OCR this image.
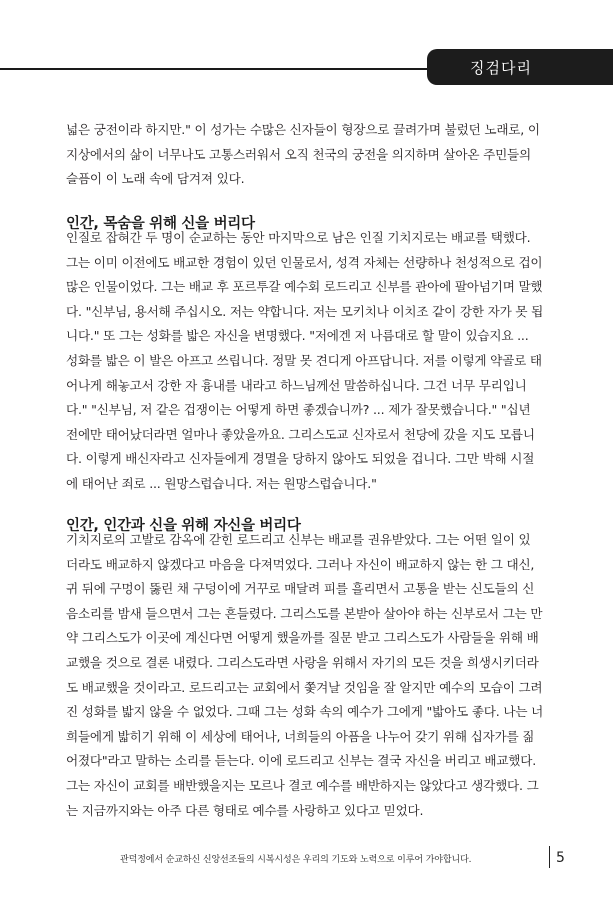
징검다리
넓은 궁전이라 하지만." 이 성가는 수많은 신자들이 형장으로 끌려가며 불렀던 노래로, 이
지상에서의 삶이 너무나도 고통스러워서 오직 천국의 궁전을 의지하며 살아온 주민들의
슬픔이 이 노래 속에 담겨져 있다.
인간, 목숨을 위해 신을 버리다
인질로 잡혀간 두 명이 순교하는 동안 마지막으로 남은 인질 기치지로는 배교를 택했다.
그는 이미 이전에도 배교한 경험이 있던 인물로서, 성격 자체는 선량하나 천성적으로 겁이
많은 인물이었다. 그는 배교 후 포르투갈 예수회 로드리고 신부를 관아에 팔아넘기며 말했
다. "신부님, 용서해 주십시오. 저는 약합니다. 저는 모키치나 이치조 같이 강한 자가 못 됩
니다." 또 그는 성화를 밟은 자신을 변명했다. "저에겐 저 나름대로 할 말이 있습지요 ...
성화를 밟은 이 발은 아프고 쓰립니다. 정말 못 견디게 아프답니다. 저를 이렇게 약골로 태
어나게 해놓고서 강한 자 흉내를 내라고 하느님께선 말씀하십니다. 그건 너무 무리입니
다." "신부님, 저 같은 겁쟁이는 어떻게 하면 좋겠습니까? ... 제가 잘못했습니다." "십년
전에만 태어났더라면 얼마나 좋았을까요. 그리스도교 신자로서 천당에 갔을 지도 모릅니
다. 이렇게 배신자라고 신자들에게 경멸을 당하지 않아도 되었을 겁니다. 그만 박해 시절
에 태어난 죄로 ... 원망스럽습니다. 저는 원망스럽습니다."
인간, 인간과 신을 위해 자신을 버리다
기치지로의 고발로 감옥에 갇힌 로드리고 신부는 배교를 권유받았다. 그는 어떤 일이 있
더라도 배교하지 않겠다고 마음을 다져먹었다. 그러나 자신이 배교하지 않는 한 그 대신,
귀 뒤에 구멍이 뚫린 채 구덩이에 거꾸로 매달려 피를 흘리면서 고통을 받는 신도들의 신
음소리를 밤새 들으면서 그는 흔들렸다. 그리스도를 본받아 살아야 하는 신부로서 그는 만
약 그리스도가 이곳에 계신다면 어떻게 했을까를 질문 받고 그리스도가 사람들을 위해 배
교했을 것으로 결론 내렸다. 그리스도라면 사랑을 위해서 자기의 모든 것을 희생시키더라
도 배교했을 것이라고. 로드리고는 교회에서 쫓겨날 것임을 잘 알지만 예수의 모습이 그려
진 성화를 밟지 않을 수 없었다. 그때 그는 성화 속의 예수가 그에게 "밟아도 좋다. 나는 너
희들에게 밟히기 위해 이 세상에 태어나, 너희들의 아픔을 나누어 갖기 위해 십자가를 짊
어졌다"라고 말하는 소리를 듣는다. 이에 로드리고 신부는 결국 자신을 버리고 배교했다.
그는 자신이 교회를 배반했을지는 모르나 결코 예수를 배반하지는 않았다고 생각했다. 그
는 지금까지와는 아주 다른 형태로 예수를 사랑하고 있다고 믿었다.
관덕정에서 순교하신 신앙선조들의 시복시성은 우리의 기도와 노력으로 이루어 가야합니다.	5
